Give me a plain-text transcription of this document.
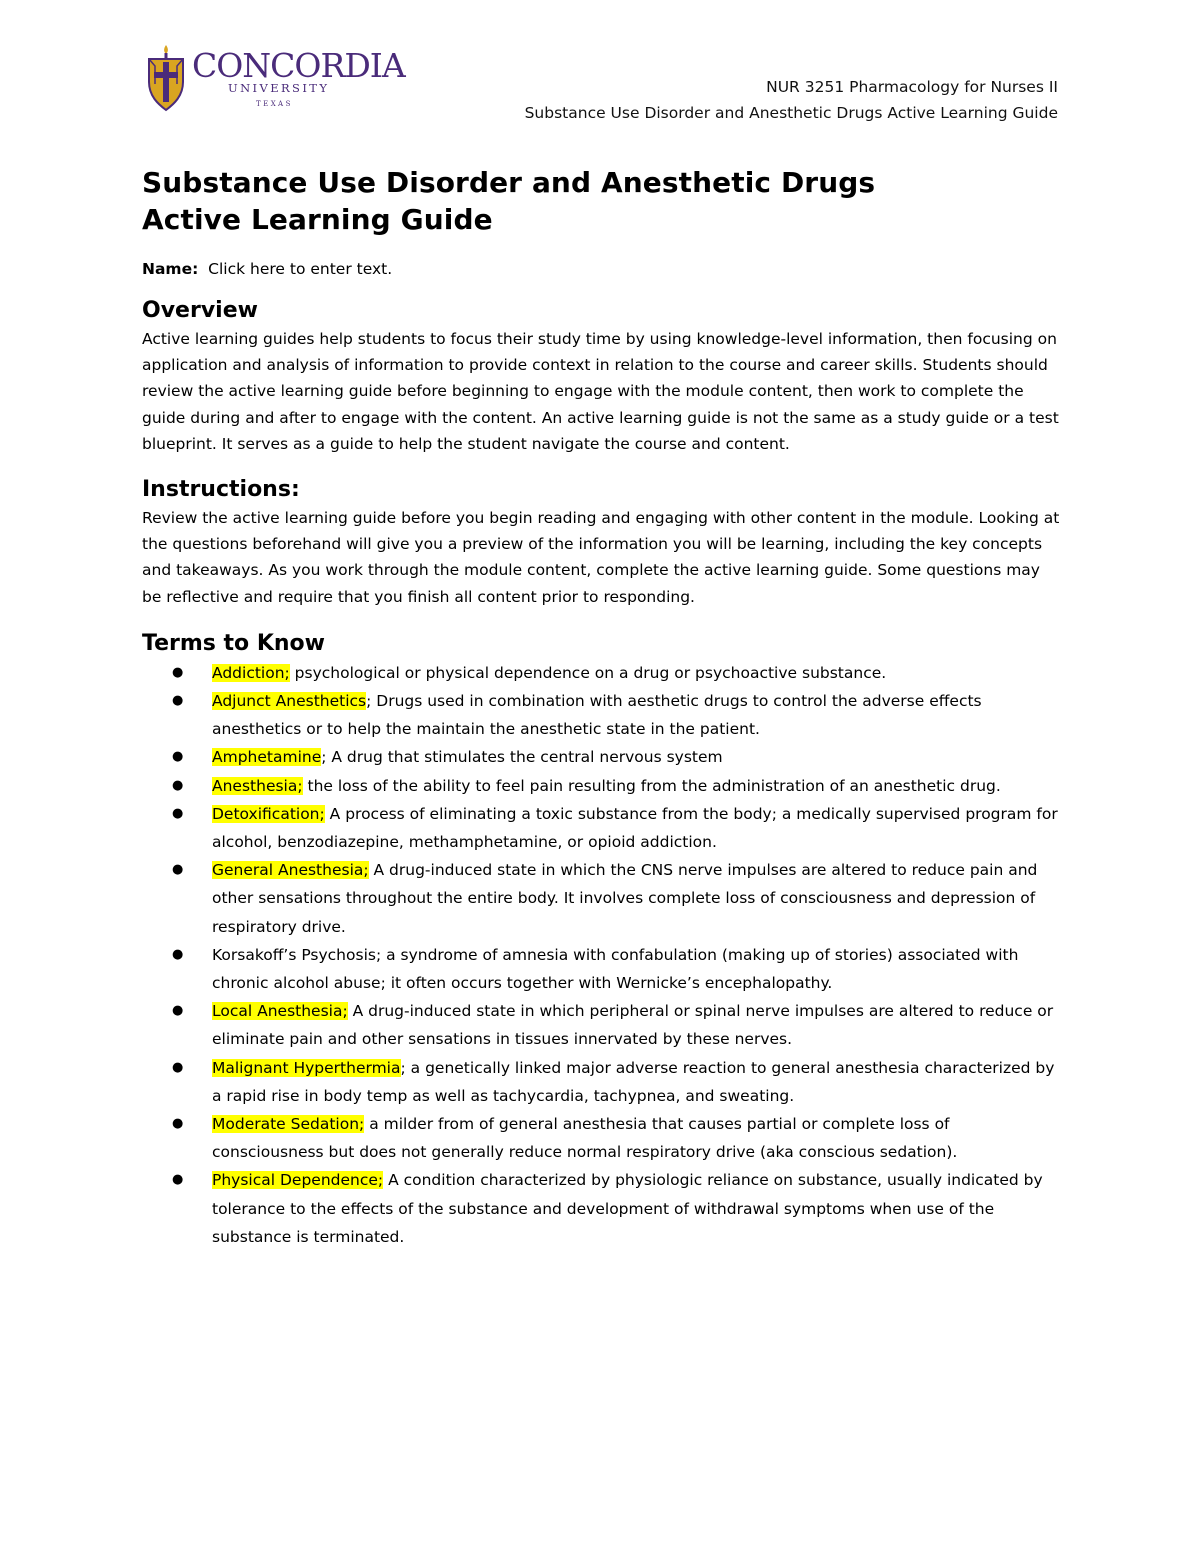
CONCORDIA
UNIVERSITY
TEXAS
NUR 3251 Pharmacology for Nurses II
Substance Use Disorder and Anesthetic Drugs Active Learning Guide
Substance Use Disorder and Anesthetic Drugs
Active Learning Guide
Name: Click here to enter text.
Overview

Active learning guides help students to focus their study time by using knowledge-level information, then focusing on application and analysis of information to provide context in relation to the course and career skills. Students should review the active learning guide before beginning to engage with the module content, then work to complete the guide during and after to engage with the content. An active learning guide is not the same as a study guide or a test blueprint. It serves as a guide to help the student navigate the course and content.

Instructions:

Review the active learning guide before you begin reading and engaging with other content in the module. Looking at the questions beforehand will give you a preview of the information you will be learning, including the key concepts and takeaways. As you work through the module content, complete the active learning guide. Some questions may be reflective and require that you finish all content prior to responding.

Terms to Know
● Addiction; psychological or physical dependence on a drug or psychoactive substance.
● Adjunct Anesthetics; Drugs used in combination with aesthetic drugs to control the adverse effects anesthetics or to help the maintain the anesthetic state in the patient.
● Amphetamine; A drug that stimulates the central nervous system
● Anesthesia; the loss of the ability to feel pain resulting from the administration of an anesthetic drug.
● Detoxification; A process of eliminating a toxic substance from the body; a medically supervised program for alcohol, benzodiazepine, methamphetamine, or opioid addiction.
● General Anesthesia; A drug-induced state in which the CNS nerve impulses are altered to reduce pain and other sensations throughout the entire body. It involves complete loss of consciousness and depression of respiratory drive.
● Korsakoff’s Psychosis; a syndrome of amnesia with confabulation (making up of stories) associated with chronic alcohol abuse; it often occurs together with Wernicke’s encephalopathy.
● Local Anesthesia; A drug-induced state in which peripheral or spinal nerve impulses are altered to reduce or eliminate pain and other sensations in tissues innervated by these nerves.
● Malignant Hyperthermia; a genetically linked major adverse reaction to general anesthesia characterized by a rapid rise in body temp as well as tachycardia, tachypnea, and sweating.
● Moderate Sedation; a milder from of general anesthesia that causes partial or complete loss of consciousness but does not generally reduce normal respiratory drive (aka conscious sedation).
● Physical Dependence; A condition characterized by physiologic reliance on substance, usually indicated by tolerance to the effects of the substance and development of withdrawal symptoms when use of the substance is terminated.
